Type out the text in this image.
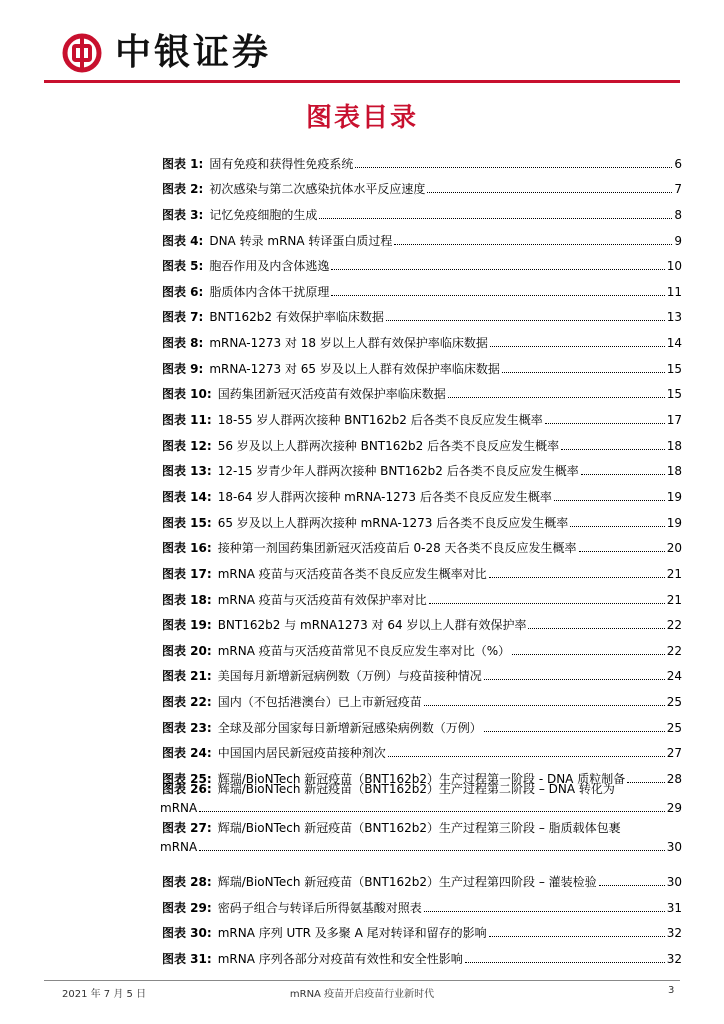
中银证券
图表目录
图表 1: 固有免疫和获得性免疫系统	6
图表 2: 初次感染与第二次感染抗体水平反应速度	7
图表 3: 记忆免疫细胞的生成	8
图表 4: DNA 转录 mRNA 转译蛋白质过程	9
图表 5: 胞吞作用及内含体逃逸	10
图表 6: 脂质体内含体干扰原理	11
图表 7: BNT162b2 有效保护率临床数据	13
图表 8: mRNA-1273 对 18 岁以上人群有效保护率临床数据	14
图表 9: mRNA-1273 对 65 岁及以上人群有效保护率临床数据	15
图表 10: 国药集团新冠灭活疫苗有效保护率临床数据	15
图表 11: 18-55 岁人群两次接种 BNT162b2 后各类不良反应发生概率	17
图表 12: 56 岁及以上人群两次接种 BNT162b2 后各类不良反应发生概率	18
图表 13: 12-15 岁青少年人群两次接种 BNT162b2 后各类不良反应发生概率	18
图表 14: 18-64 岁人群两次接种 mRNA-1273 后各类不良反应发生概率	19
图表 15: 65 岁及以上人群两次接种 mRNA-1273 后各类不良反应发生概率	19
图表 16: 接种第一剂国药集团新冠灭活疫苗后 0-28 天各类不良反应发生概率	20
图表 17: mRNA 疫苗与灭活疫苗各类不良反应发生概率对比	21
图表 18: mRNA 疫苗与灭活疫苗有效保护率对比	21
图表 19: BNT162b2 与 mRNA1273 对 64 岁以上人群有效保护率	22
图表 20: mRNA 疫苗与灭活疫苗常见不良反应发生率对比（%）	22
图表 21: 美国每月新增新冠病例数（万例）与疫苗接种情况	24
图表 22: 国内（不包括港澳台）已上市新冠疫苗	25
图表 23: 全球及部分国家每日新增新冠感染病例数（万例）	25
图表 24: 中国国内居民新冠疫苗接种剂次	27
图表 25: 辉瑞/BioNTech 新冠疫苗（BNT162b2）生产过程第一阶段 - DNA 质粒制备	28
图表 26: 辉瑞/BioNTech 新冠疫苗（BNT162b2）生产过程第二阶段 – DNA 转化为
mRNA	29
图表 27: 辉瑞/BioNTech 新冠疫苗（BNT162b2）生产过程第三阶段 – 脂质载体包裹
mRNA	30
图表 28: 辉瑞/BioNTech 新冠疫苗（BNT162b2）生产过程第四阶段 – 灌装检验	30
图表 29: 密码子组合与转译后所得氨基酸对照表	31
图表 30: mRNA 序列 UTR 及多聚 A 尾对转译和留存的影响	32
图表 31: mRNA 序列各部分对疫苗有效性和安全性影响	32
2021 年 7 月 5 日	mRNA 疫苗开启疫苗行业新时代	3
